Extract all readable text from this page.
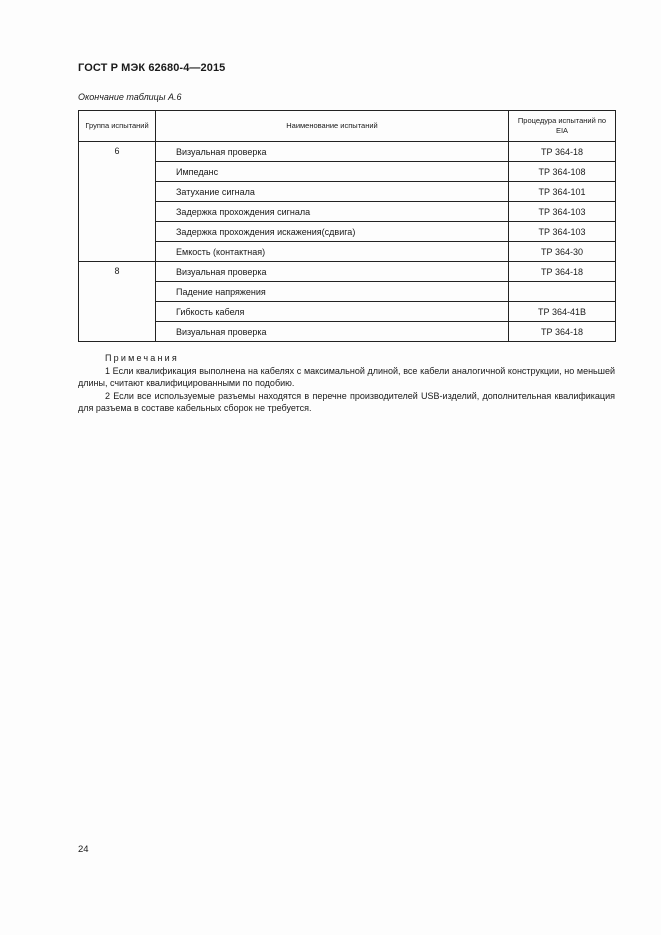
ГОСТ Р МЭК 62680-4—2015
Окончание таблицы А.6
Группа испытаний	Наименование испытаний	Процедура испытаний по EIA
6	Визуальная проверка	ТР 364-18
	Импеданс	ТР 364-108
	Затухание сигнала	ТР 364-101
	Задержка прохождения сигнала	ТР 364-103
	Задержка прохождения искажения(сдвига)	ТР 364-103
	Емкость (контактная)	ТР 364-30
8	Визуальная проверка	ТР 364-18
	Падение напряжения	
	Гибкость кабеля	ТР 364-41В
	Визуальная проверка	ТР 364-18
Примечания

1 Если квалификация выполнена на кабелях с максимальной длиной, все кабели аналогичной конструкции, но меньшей длины, считают квалифицированными по подобию.

2 Если все используемые разъемы находятся в перечне производителей USB-изделий, дополнительная квалификация для разъема в составе кабельных сборок не требуется.

24
